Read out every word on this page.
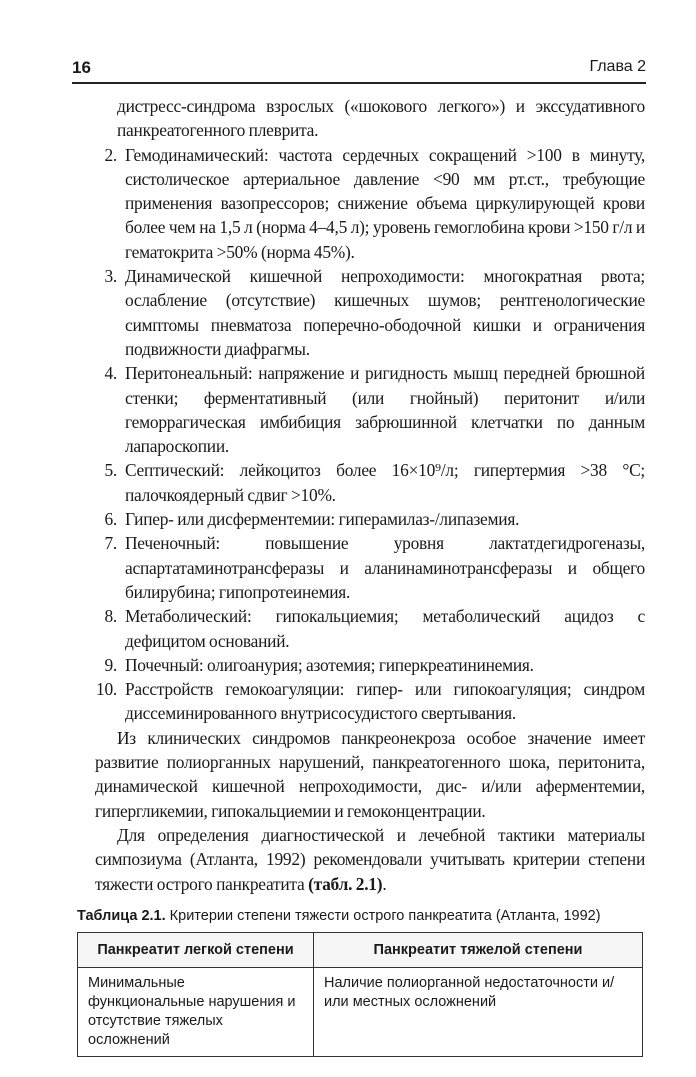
16	Глава 2
дистресс-синдрома взрослых («шокового легкого») и экссудативного панкреатогенного плеврита.
2.
Гемодинамический: частота сердечных сокращений >100 в минуту, систолическое артериальное давление <90 мм рт.ст., требующие применения вазопрессоров; снижение объема циркулирующей крови более чем на 1,5 л (норма 4–4,5 л); уровень гемоглобина крови >150 г/л и гематокрита >50% (норма 45%).
3.
Динамической кишечной непроходимости: многократная рвота; ослабление (отсутствие) кишечных шумов; рентгенологические симптомы пневматоза поперечно-ободочной кишки и ограничения подвижности диафрагмы.
4.
Перитонеальный: напряжение и ригидность мышц передней брюшной стенки; ферментативный (или гнойный) перитонит и/или геморрагическая имбибиция забрюшинной клетчатки по данным лапароскопии.
5.
Септический: лейкоцитоз более 16×10⁹/л; гипертермия >38 °С; палочкоядерный сдвиг >10%.
6.
Гипер- или дисферментемии: гиперамилаз-/липаземия.
7.
Печеночный: повышение уровня лактатдегидрогеназы, аспартатаминотрансферазы и аланинаминотрансферазы и общего билирубина; гипопротеинемия.
8.
Метаболический: гипокальциемия; метаболический ацидоз с дефицитом оснований.
9.
Почечный: олигоанурия; азотемия; гиперкреатининемия.
10.
Расстройств гемокоагуляции: гипер- или гипокоагуляция; синдром диссеминированного внутрисосудистого свертывания.

Из клинических синдромов панкреонекроза особое значение имеет развитие полиорганных нарушений, панкреатогенного шока, перитонита, динамической кишечной непроходимости, дис- и/или аферментемии, гипергликемии, гипокальциемии и гемоконцентрации.

Для определения диагностической и лечебной тактики материалы симпозиума (Атланта, 1992) рекомендовали учитывать критерии степени тяжести острого панкреатита (табл. 2.1).

Таблица 2.1. Критерии степени тяжести острого панкреатита (Атланта, 1992)
Панкреатит легкой степени	Панкреатит тяжелой степени
Минимальные функциональные нарушения и отсутствие тяжелых осложнений	Наличие полиорганной недостаточности и/или местных осложнений
